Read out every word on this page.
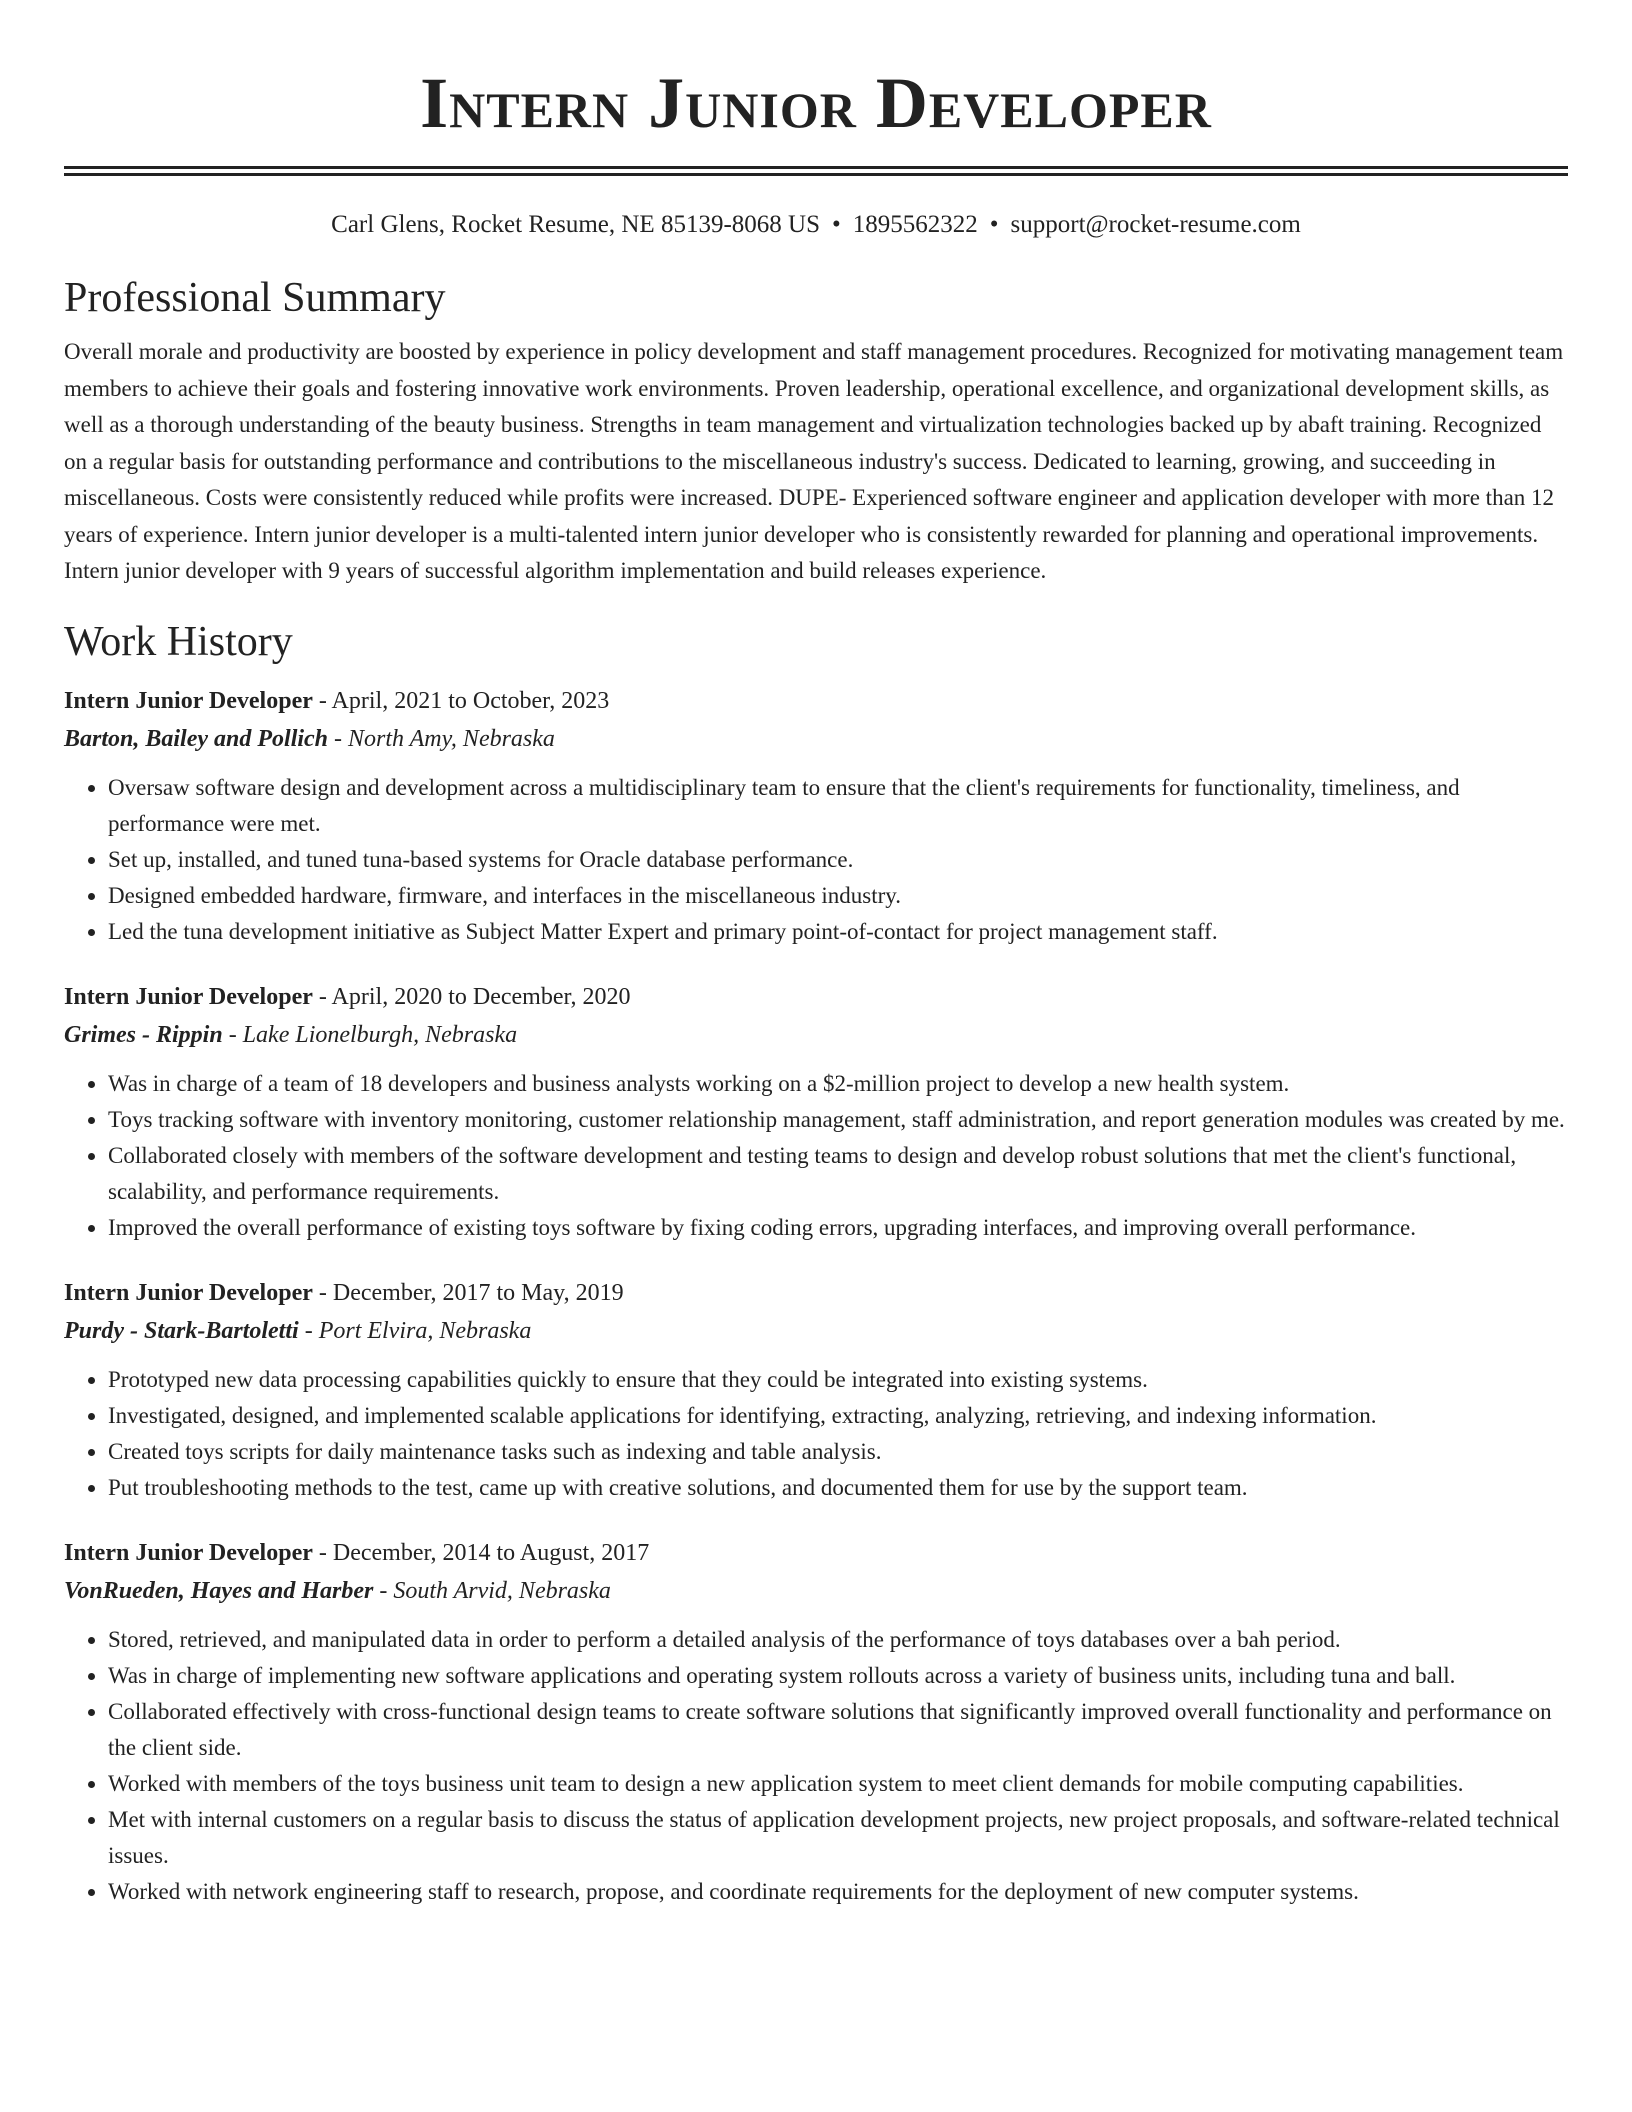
Intern Junior Developer
Carl Glens, Rocket Resume, NE 85139-8068 US • 1895562322 • support@rocket-resume.com
Professional Summary

Overall morale and productivity are boosted by experience in policy development and staff management procedures. Recognized for motivating management team members to achieve their goals and fostering innovative work environments. Proven leadership, operational excellence, and organizational development skills, as well as a thorough understanding of the beauty business. Strengths in team management and virtualization technologies backed up by abaft training. Recognized on a regular basis for outstanding performance and contributions to the miscellaneous industry's success. Dedicated to learning, growing, and succeeding in miscellaneous. Costs were consistently reduced while profits were increased. DUPE- Experienced software engineer and application developer with more than 12 years of experience. Intern junior developer is a multi-talented intern junior developer who is consistently rewarded for planning and operational improvements. Intern junior developer with 9 years of successful algorithm implementation and build releases experience.

Work History
Intern Junior Developer - April, 2021 to October, 2023
Barton, Bailey and Pollich - North Amy, Nebraska
• Oversaw software design and development across a multidisciplinary team to ensure that the client's requirements for functionality, timeliness, and performance were met.
• Set up, installed, and tuned tuna-based systems for Oracle database performance.
• Designed embedded hardware, firmware, and interfaces in the miscellaneous industry.
• Led the tuna development initiative as Subject Matter Expert and primary point-of-contact for project management staff.
Intern Junior Developer - April, 2020 to December, 2020
Grimes - Rippin - Lake Lionelburgh, Nebraska
• Was in charge of a team of 18 developers and business analysts working on a $2-million project to develop a new health system.
• Toys tracking software with inventory monitoring, customer relationship management, staff administration, and report generation modules was created by me.
• Collaborated closely with members of the software development and testing teams to design and develop robust solutions that met the client's functional, scalability, and performance requirements.
• Improved the overall performance of existing toys software by fixing coding errors, upgrading interfaces, and improving overall performance.
Intern Junior Developer - December, 2017 to May, 2019
Purdy - Stark-Bartoletti - Port Elvira, Nebraska
• Prototyped new data processing capabilities quickly to ensure that they could be integrated into existing systems.
• Investigated, designed, and implemented scalable applications for identifying, extracting, analyzing, retrieving, and indexing information.
• Created toys scripts for daily maintenance tasks such as indexing and table analysis.
• Put troubleshooting methods to the test, came up with creative solutions, and documented them for use by the support team.
Intern Junior Developer - December, 2014 to August, 2017
VonRueden, Hayes and Harber - South Arvid, Nebraska
• Stored, retrieved, and manipulated data in order to perform a detailed analysis of the performance of toys databases over a bah period.
• Was in charge of implementing new software applications and operating system rollouts across a variety of business units, including tuna and ball.
• Collaborated effectively with cross-functional design teams to create software solutions that significantly improved overall functionality and performance on the client side.
• Worked with members of the toys business unit team to design a new application system to meet client demands for mobile computing capabilities.
• Met with internal customers on a regular basis to discuss the status of application development projects, new project proposals, and software-related technical issues.
• Worked with network engineering staff to research, propose, and coordinate requirements for the deployment of new computer systems.
